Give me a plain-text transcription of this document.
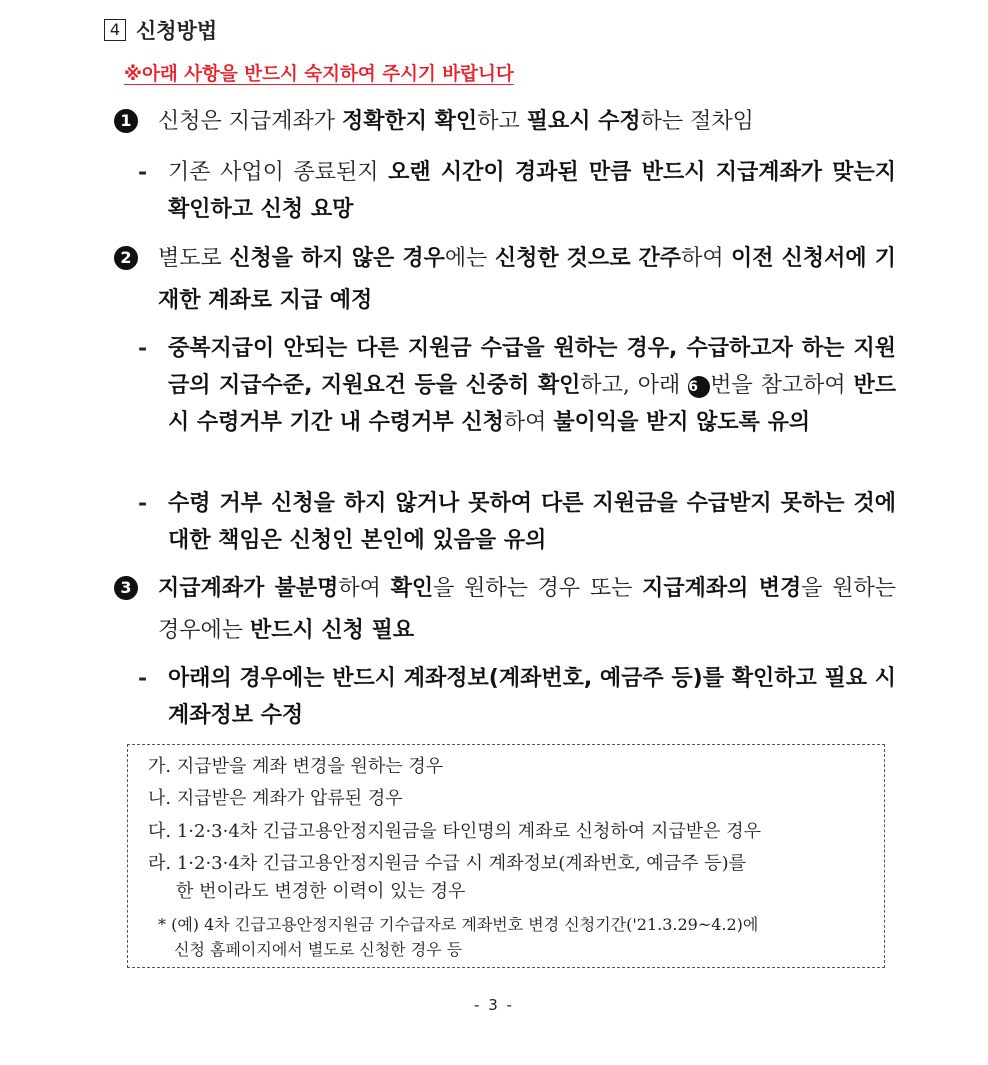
4 신청방법
※아래 사항을 반드시 숙지하여 주시기 바랍니다
1 신청은 지급계좌가 정확한지 확인하고 필요시 수정하는 절차임
- 기존 사업이 종료된지 오랜 시간이 경과된 만큼 반드시 지급계좌가 맞는지 확인하고 신청 요망
2 별도로 신청을 하지 않은 경우에는 신청한 것으로 간주하여 이전 신청서에 기재한 계좌로 지급 예정
- 중복지급이 안되는 다른 지원금 수급을 원하는 경우, 수급하고자 하는 지원금의 지급수준, 지원요건 등을 신중히 확인하고, 아래 6 번을 참고하여 반드시 수령거부 기간 내 수령거부 신청하여 불이익을 받지 않도록 유의
- 수령 거부 신청을 하지 않거나 못하여 다른 지원금을 수급받지 못하는 것에 대한 책임은 신청인 본인에 있음을 유의
3 지급계좌가 불분명하여 확인을 원하는 경우 또는 지급계좌의 변경을 원하는 경우에는 반드시 신청 필요
- 아래의 경우에는 반드시 계좌정보(계좌번호, 예금주 등)를 확인하고 필요 시 계좌정보 수정
가. 지급받을 계좌 변경을 원하는 경우
나. 지급받은 계좌가 압류된 경우
다. 1·2·3·4차 긴급고용안정지원금을 타인명의 계좌로 신청하여 지급받은 경우
라. 1·2·3·4차 긴급고용안정지원금 수급 시 계좌정보(계좌번호, 예금주 등)를
한 번이라도 변경한 이력이 있는 경우
* (예) 4차 긴급고용안정지원금 기수급자로 계좌번호 변경 신청기간('21.3.29~4.2)에
신청 홈페이지에서 별도로 신청한 경우 등
- 3 -
